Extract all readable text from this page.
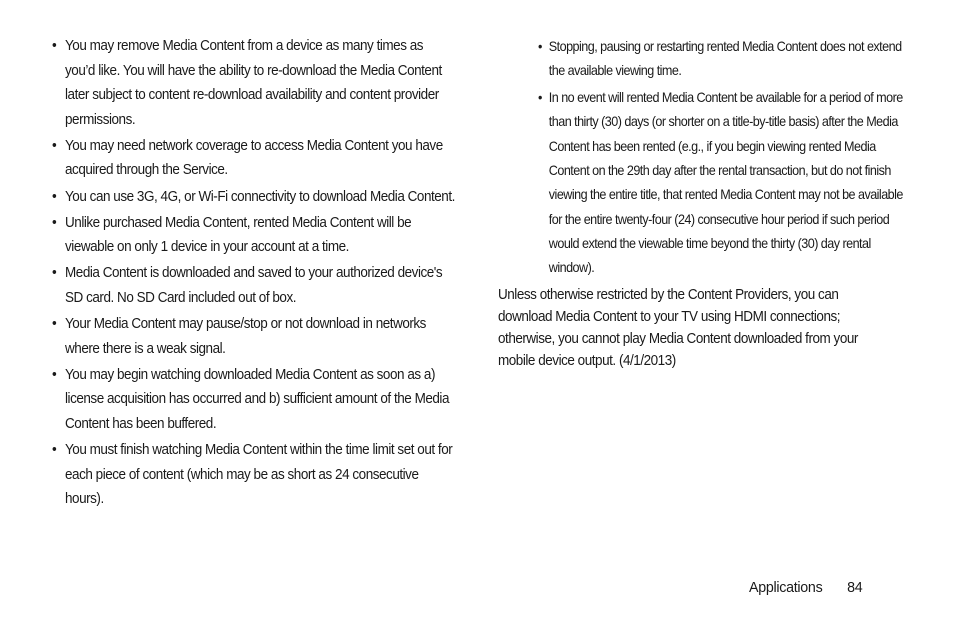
• You may remove Media Content from a device as many times as you’d like. You will have the ability to re-download the Media Content later subject to content re-download availability and content provider permissions.
• You may need network coverage to access Media Content you have acquired through the Service.
• You can use 3G, 4G, or Wi-Fi connectivity to download Media Content.
• Unlike purchased Media Content, rented Media Content will be viewable on only 1 device in your account at a time.
• Media Content is downloaded and saved to your authorized device's SD card. No SD Card included out of box.
• Your Media Content may pause/stop or not download in networks where there is a weak signal.
• You may begin watching downloaded Media Content as soon as a) license acquisition has occurred and b) sufficient amount of the Media Content has been buffered.
• You must finish watching Media Content within the time limit set out for each piece of content (which may be as short as 24 consecutive hours).
• Stopping, pausing or restarting rented Media Content does not extend the available viewing time.
• In no event will rented Media Content be available for a period of more than thirty (30) days (or shorter on a title-by-title basis) after the Media Content has been rented (e.g., if you begin viewing rented Media Content on the 29th day after the rental transaction, but do not finish viewing the entire title, that rented Media Content may not be available for the entire twenty-four (24) consecutive hour period if such period would extend the viewable time beyond the thirty (30) day rental window).
Unless otherwise restricted by the Content Providers, you can download Media Content to your TV using HDMI connections; otherwise, you cannot play Media Content downloaded from your mobile device output. (4/1/2013)
Applications 84
